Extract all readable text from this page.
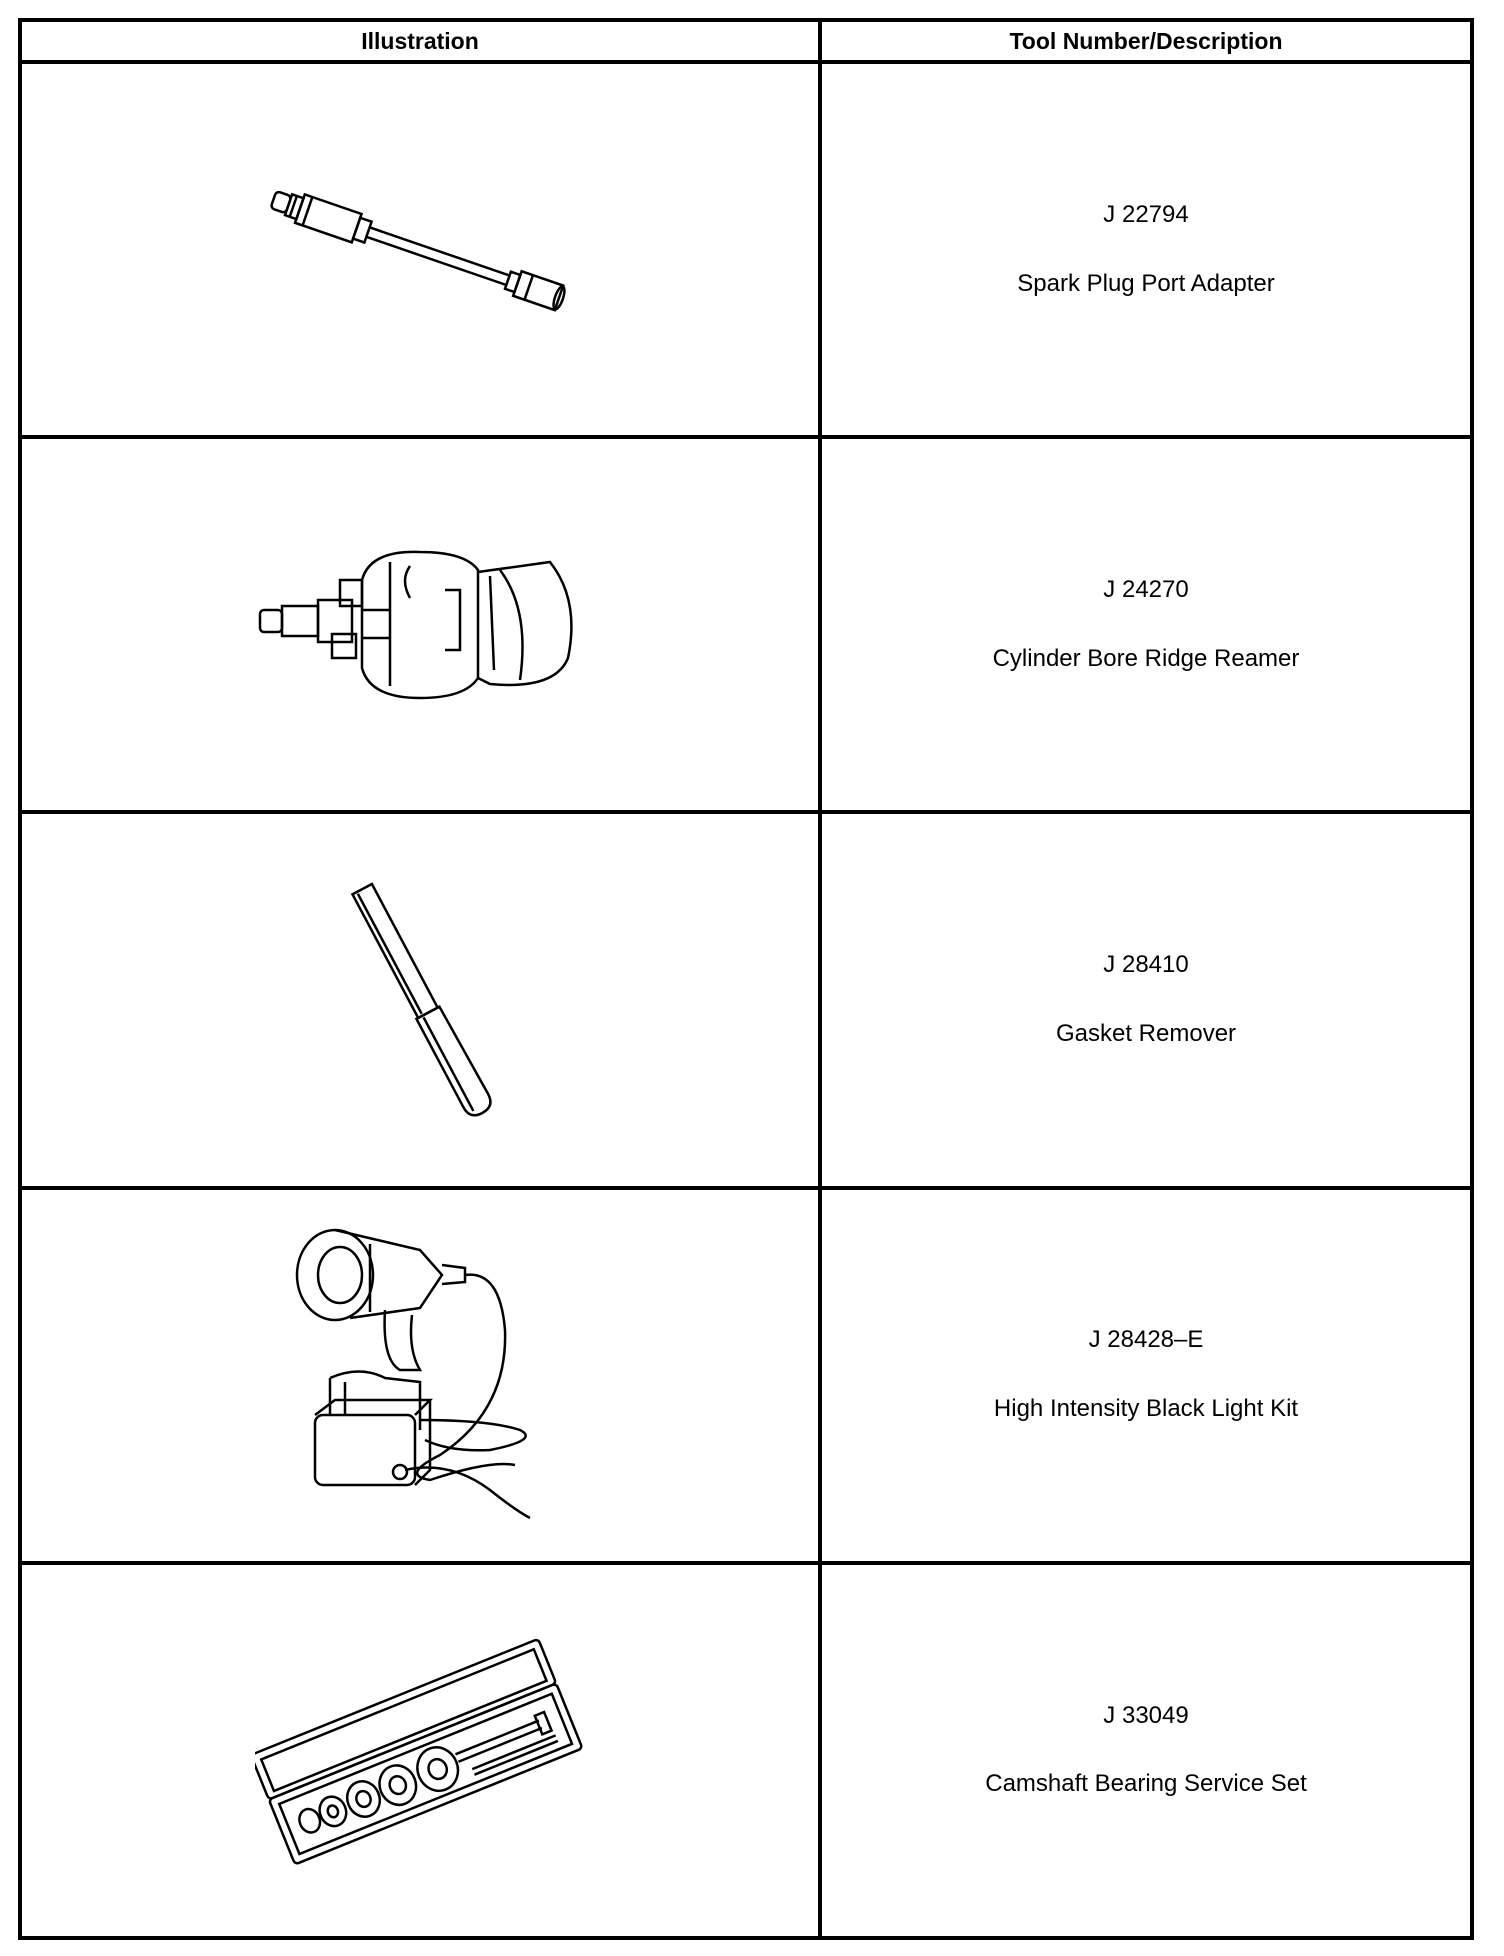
Illustration	Tool Number/Description

J 22794
Spark Plug Port Adapter

J 24270
Cylinder Bore Ridge Reamer

J 28410
Gasket Remover

J 28428–E
High Intensity Black Light Kit

J 33049
Camshaft Bearing Service Set
